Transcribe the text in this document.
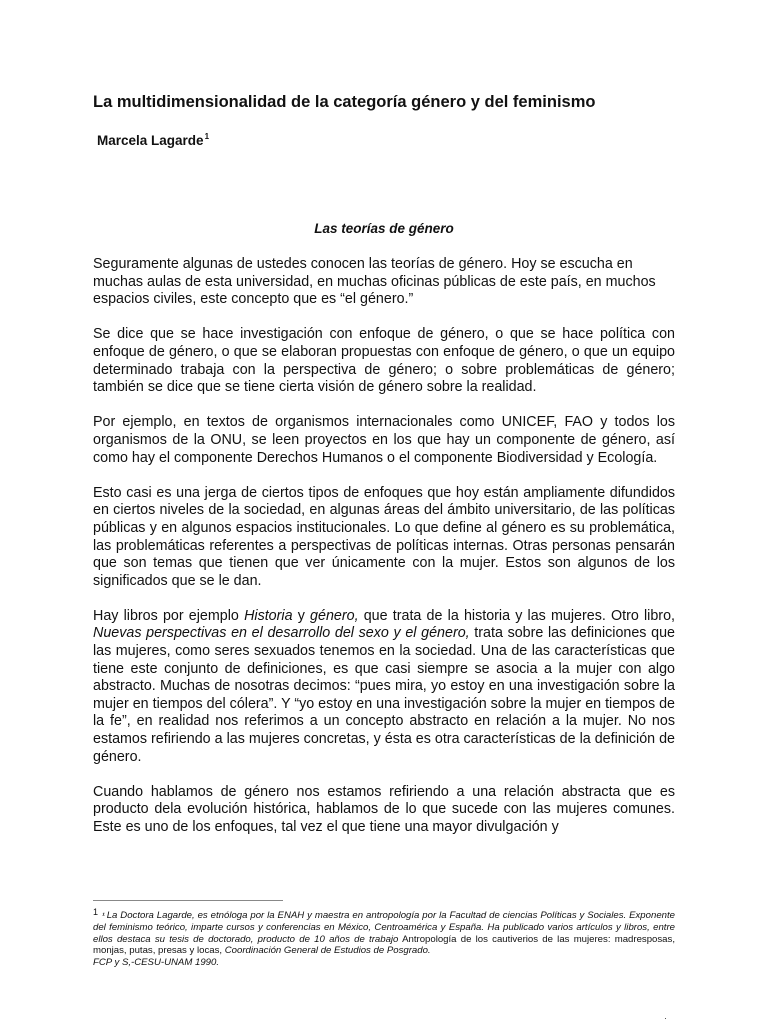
La multidimensionalidad de la categoría género y del feminismo
Marcela Lagarde$^1$
Las teorías de género

Seguramente algunas de ustedes conocen las teorías de género. Hoy se escucha en muchas aulas de esta universidad, en muchas oficinas públicas de este país, en muchos espacios civiles, este concepto que es “el género.”

Se dice que se hace investigación con enfoque de género, o que se hace política con enfoque de género, o que se elaboran propuestas con enfoque de género, o que un equipo determinado trabaja con la perspectiva de género; o sobre problemáticas de género; también se dice que se tiene cierta visión de género sobre la realidad.

Por ejemplo, en textos de organismos internacionales como UNICEF, FAO y todos los organismos de la ONU, se leen proyectos en los que hay un componente de género, así como hay el componente Derechos Humanos o el componente Biodiversidad y Ecología.

Esto casi es una jerga de ciertos tipos de enfoques que hoy están ampliamente difundidos en ciertos niveles de la sociedad, en algunas áreas del ámbito universitario, de las políticas públicas y en algunos espacios institucionales. Lo que define al género es su problemática, las problemáticas referentes a perspectivas de políticas internas. Otras personas pensarán que son temas que tienen que ver únicamente con la mujer. Estos son algunos de los significados que se le dan.

Hay libros por ejemplo Historia y género, que trata de la historia y las mujeres. Otro libro, Nuevas perspectivas en el desarrollo del sexo y el género, trata sobre las definiciones que las mujeres, como seres sexuados tenemos en la sociedad. Una de las características que tiene este conjunto de definiciones, es que casi siempre se asocia a la mujer con algo abstracto. Muchas de nosotras decimos: “pues mira, yo estoy en una investigación sobre la mujer en tiempos del cólera”. Y “yo estoy en una investigación sobre la mujer en tiempos de la fe”, en realidad nos referimos a un concepto abstracto en relación a la mujer. No nos estamos refiriendo a las mujeres concretas, y ésta es otra características de la definición de género.

Cuando hablamos de género nos estamos refiriendo a una relación abstracta que es producto dela evolución histórica, hablamos de lo que sucede con las mujeres comunes. Este es uno de los enfoques, tal vez el que tiene una mayor divulgación y

1 ¹ La Doctora Lagarde, es etnóloga por la ENAH y maestra en antropología por la Facultad de ciencias Políticas y Sociales. Exponente del feminismo teórico, imparte cursos y conferencias en México, Centroamérica y España. Ha publicado varios artículos y libros, entre ellos destaca su tesis de doctorado, producto de 10 años de trabajo Antropología de los cautiverios de las mujeres: madresposas, monjas, putas, presas y locas, Coordinación General de Estudios de Posgrado.
FCP y S,-CESU-UNAM 1990.
·
